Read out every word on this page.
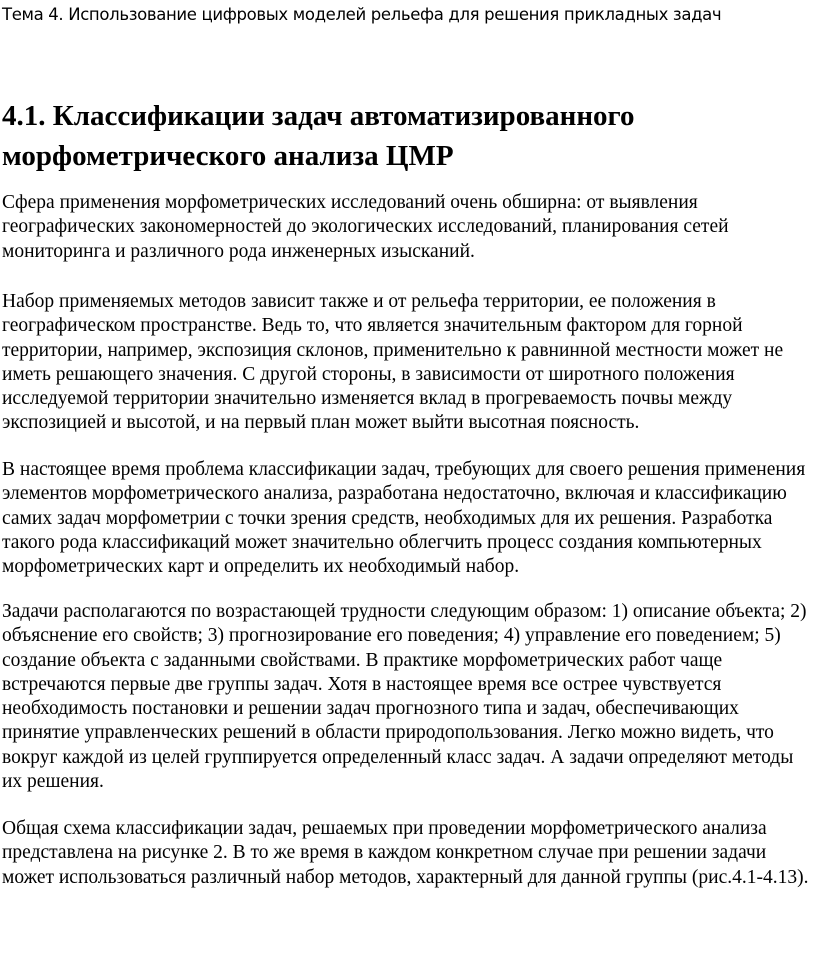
Тема 4. Использование цифровых моделей рельефа для решения прикладных задач
4.1. Классификации задач автоматизированного морфометрического анализа ЦМР

Сфера применения морфометрических исследований очень обширна: от выявления географических закономерностей до экологических исследований, планирования сетей мониторинга и различного рода инженерных изысканий.

Набор применяемых методов зависит также и от рельефа территории, ее положения в географическом пространстве. Ведь то, что является значительным фактором для горной территории, например, экспозиция склонов, применительно к равнинной местности может не иметь решающего значения. С другой стороны, в зависимости от широтного положения исследуемой территории значительно изменяется вклад в прогреваемость почвы между экспозицией и высотой, и на первый план может выйти высотная поясность.

В настоящее время проблема классификации задач, требующих для своего решения применения элементов морфометрического анализа, разработана недостаточно, включая и классификацию самих задач морфометрии с точки зрения средств, необходимых для их решения. Разработка такого рода классификаций может значительно облегчить процесс создания компьютерных морфометрических карт и определить их необходимый набор.

Задачи располагаются по возрастающей трудности следующим образом: 1) описание объекта; 2) объяснение его свойств; 3) прогнозирование его поведения; 4) управление его поведением; 5) создание объекта с заданными свойствами. В практике морфометрических работ чаще встречаются первые две группы задач. Хотя в настоящее время все острее чувствуется необходимость постановки и решении задач прогнозного типа и задач, обеспечивающих принятие управленческих решений в области природопользования. Легко можно видеть, что вокруг каждой из целей группируется определенный класс задач. А задачи определяют методы их решения.

Общая схема классификации задач, решаемых при проведении морфометрического анализа представлена на рисунке 2. В то же время в каждом конкретном случае при решении задачи может использоваться различный набор методов, характерный для данной группы (рис.4.1-4.13).
